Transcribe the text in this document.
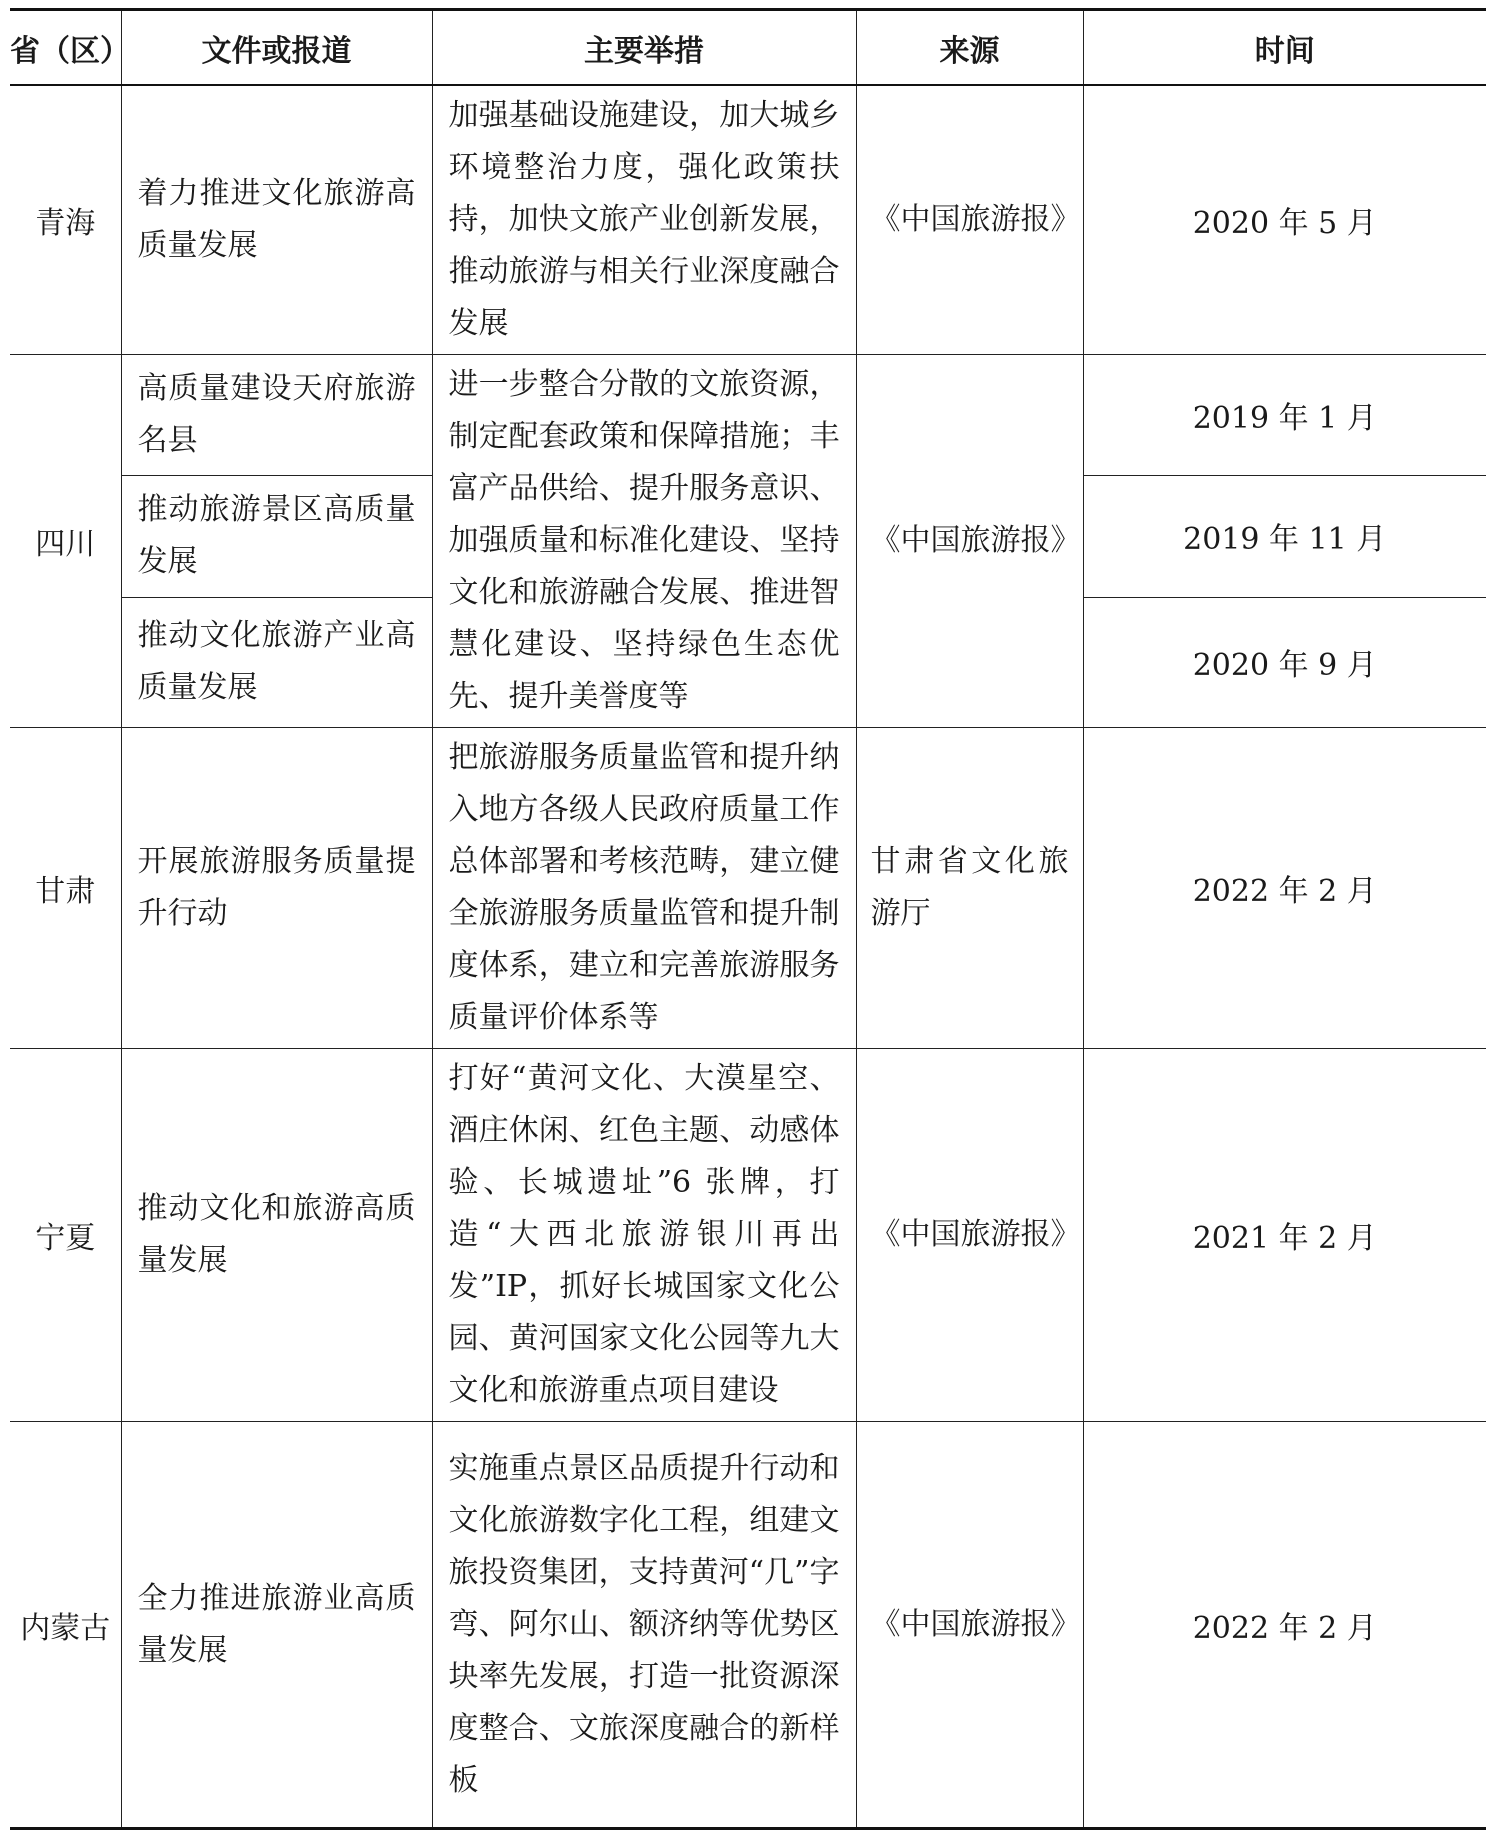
省（区）	文件或报道	主要举措	来源	时间
青海	着力推进文化旅游高质量发展	加强基础设施建设，加大城乡环境整治力度，强化政策扶持，加快文旅产业创新发展，推动旅游与相关行业深度融合发展	《中国旅游报》	2020 年 5 月
四川	高质量建设天府旅游名县	进一步整合分散的文旅资源，制定配套政策和保障措施；丰富产品供给、提升服务意识、加强质量和标准化建设、坚持文化和旅游融合发展、推进智慧化建设、坚持绿色生态优先、提升美誉度等	《中国旅游报》	2019 年 1 月
	推动旅游景区高质量发展			2019 年 11 月
	推动文化旅游产业高质量发展			2020 年 9 月
甘肃	开展旅游服务质量提升行动	把旅游服务质量监管和提升纳入地方各级人民政府质量工作总体部署和考核范畴，建立健全旅游服务质量监管和提升制度体系，建立和完善旅游服务质量评价体系等	甘肃省文化旅游厅	2022 年 2 月
宁夏	推动文化和旅游高质量发展	打好“黄河文化、大漠星空、酒庄休闲、红色主题、动感体验、长城遗址”6 张牌，打造“大西北旅游银川再出发”IP，抓好长城国家文化公园、黄河国家文化公园等九大文化和旅游重点项目建设	《中国旅游报》	2021 年 2 月
内蒙古	全力推进旅游业高质量发展	实施重点景区品质提升行动和文化旅游数字化工程，组建文旅投资集团，支持黄河“几”字弯、阿尔山、额济纳等优势区块率先发展，打造一批资源深度整合、文旅深度融合的新样板	《中国旅游报》	2022 年 2 月
